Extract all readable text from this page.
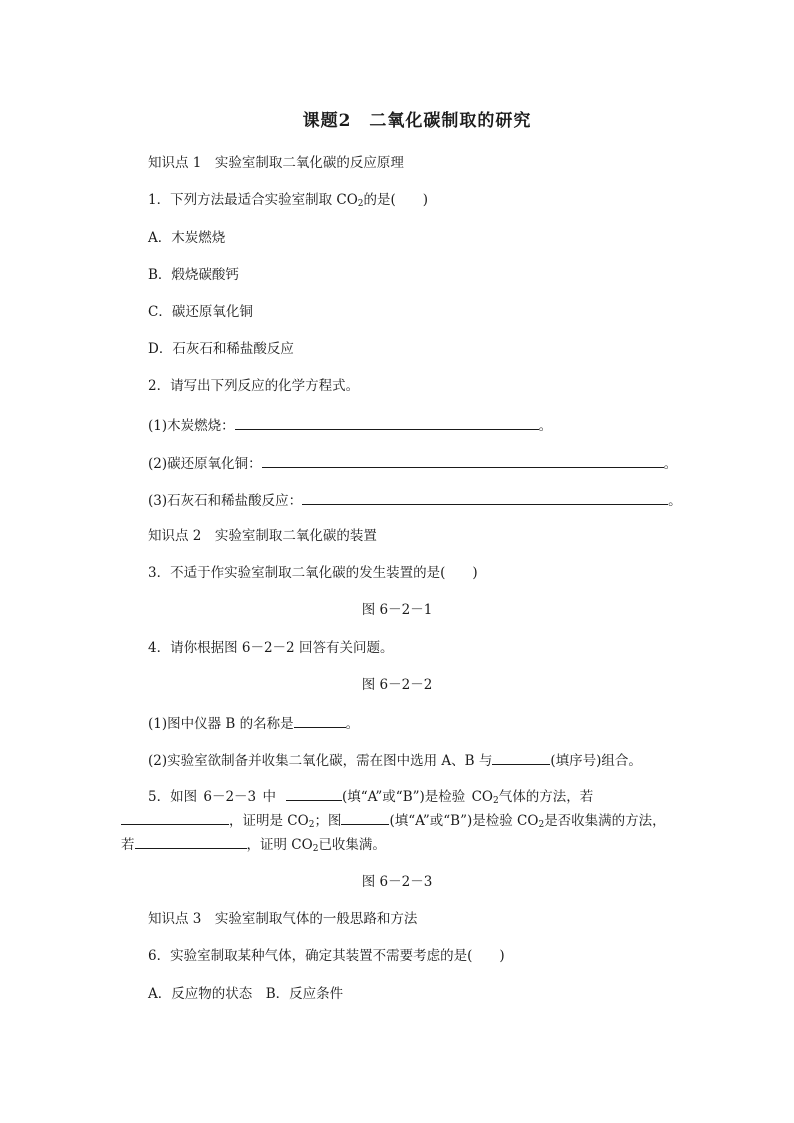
课题2　二氧化碳制取的研究
知识点 1　实验室制取二氧化碳的反应原理
1．下列方法最适合实验室制取 $CO_2$的是(　　)
A．木炭燃烧
B．煅烧碳酸钙
C．碳还原氧化铜
D．石灰石和稀盐酸反应
2．请写出下列反应的化学方程式。
(1)木炭燃烧：	。
(2)碳还原氧化铜：	。
(3)石灰石和稀盐酸反应：	。
知识点 2　实验室制取二氧化碳的装置
3．不适于作实验室制取二氧化碳的发生装置的是(　　)
图 6－2－1
4．请你根据图 6－2－2 回答有关问题。
图 6－2－2
(1)图中仪器 B 的名称是	。
(2)实验室欲制备并收集二氧化碳，需在图中选用 A、B 与	(填序号)组合。
5．如图 6－2－3 中	(填“A”或“B”)是检验 $CO_2$气体的方法，若
，证明是 $CO_2$；图	(填“A”或“B”)是检验 $CO_2$是否收集满的方法，
若	，证明 $CO_2$已收集满。
图 6－2－3
知识点 3　实验室制取气体的一般思路和方法
6．实验室制取某种气体，确定其装置不需要考虑的是(　　)
A．反应物的状态　B．反应条件
